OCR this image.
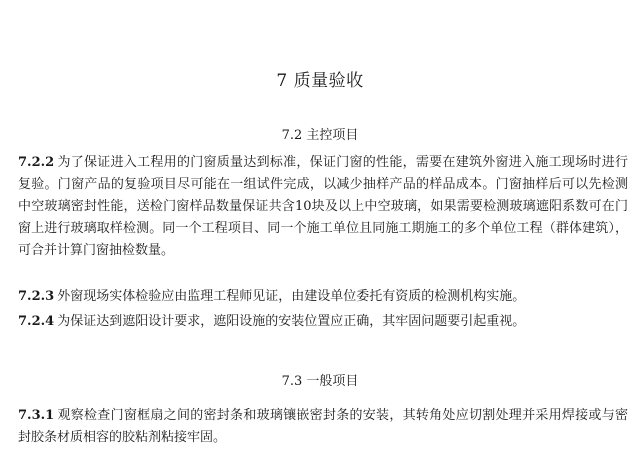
7 质量验收
7.2 主控项目
7.2.2 为了保证进入工程用的门窗质量达到标准，保证门窗的性能，需要在建筑外窗进入施工现场时进行复验。门窗产品的复验项目尽可能在一组试件完成，以减少抽样产品的样品成本。门窗抽样后可以先检测中空玻璃密封性能，送检门窗样品数量保证共含10块及以上中空玻璃，如果需要检测玻璃遮阳系数可在门窗上进行玻璃取样检测。同一个工程项目、同一个施工单位且同施工期施工的多个单位工程（群体建筑），可合并计算门窗抽检数量。
7.2.3 外窗现场实体检验应由监理工程师见证，由建设单位委托有资质的检测机构实施。
7.2.4 为保证达到遮阳设计要求，遮阳设施的安装位置应正确，其牢固问题要引起重视。
7.3 一般项目
7.3.1 观察检查门窗框扇之间的密封条和玻璃镶嵌密封条的安装，其转角处应切割处理并采用焊接或与密封胶条材质相容的胶粘剂粘接牢固。
